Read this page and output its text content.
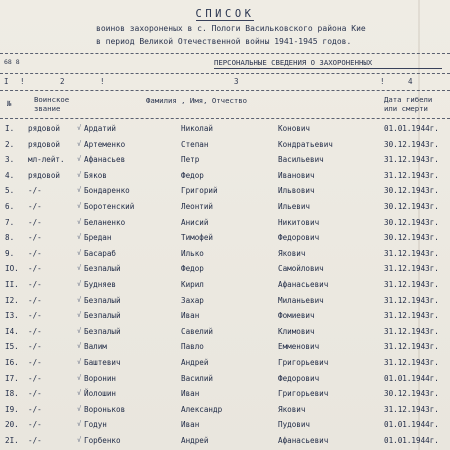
СПИСОК
воинов захороненых в с. Пологи Васильковского района Кие
в период Великой Отечественной войны 1941-1945 годов.
68 8	ПЕРСОНАЛЬНЫЕ СВЕДЕНИЯ О ЗАХОРОНЕННЫХ
I !	2	!	3	!	4
№	Воинское
звание
Фамилия , Имя, Отчество	Дата гибели
или смерти
I.	рядовой	Ардатий	Николай	Конович	01.01.1944г.
√
2.	рядовой	Артеменко	Степан	Кондратьевич	30.12.1943г.
√
3.	мл-лейт.	Афанасьев	Петр	Васильевич	31.12.1943г.
√
4.	рядовой	Бяков	Федор	Иванович	31.12.1943г.
√
5.	-/-	Бондаренко	Григорий	Ильвович	30.12.1943г.
√
6.	-/-	Боротенский	Леонтий	Ильевич	30.12.1943г.
√
7.	-/-	Беланенко	Анисий	Никитович	30.12.1943г.
√
8.	-/-	Бредан	Тимофей	Федорович	30.12.1943г.
√
9.	-/-	Басараб	Илько	Якович	31.12.1943г.
√
IO.	-/-	Безпалый	Федор	Самойлович	31.12.1943г.
√
II.	-/-	Будняев	Кирил	Афанасьевич	31.12.1943г.
√
I2.	-/-	Безпалый	Захар	Миланьевич	31.12.1943г.
√
I3.	-/-	Безпалый	Иван	Фомиевич	31.12.1943г.
√
I4.	-/-	Безпалый	Савелий	Климович	31.12.1943г.
√
I5.	-/-	Валим	Павло	Емменович	31.12.1943г.
√
I6.	-/-	Баштевич	Андрей	Григорьевич	31.12.1943г.
√
I7.	-/-	Воронин	Василий	Федорович	01.01.1944г.
√
I8.	-/-	Йолошин	Иван	Григорьевич	30.12.1943г.
√
I9.	-/-	Вороньков	Александр	Якович	31.12.1943г.
√
20.	-/-	Годун	Иван	Пудович	01.01.1944г.
√
2I.	-/-	Горбенко	Андрей	Афанасьевич	01.01.1944г.
√
